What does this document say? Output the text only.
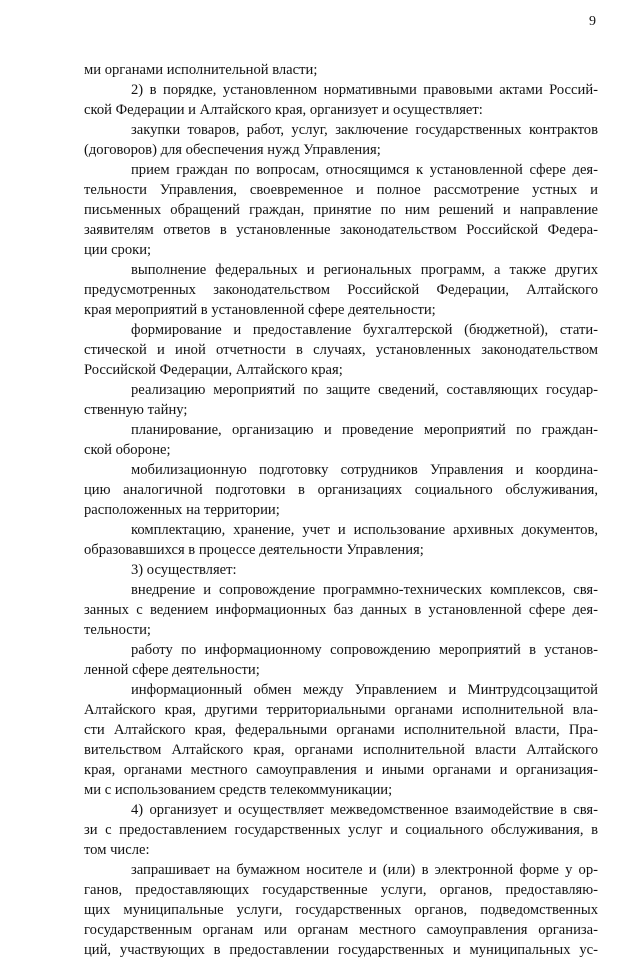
9
ми органами исполнительной власти;
2) в порядке, установленном нормативными правовыми актами Россий-
ской Федерации и Алтайского края, организует и осуществляет:
закупки товаров, работ, услуг, заключение государственных контрактов
(договоров) для обеспечения нужд Управления;
прием граждан по вопросам, относящимся к установленной сфере дея-
тельности Управления, своевременное и полное рассмотрение устных и
письменных обращений граждан, принятие по ним решений и направление
заявителям ответов в установленные законодательством Российской Федера-
ции сроки;
выполнение федеральных и региональных программ, а также других
предусмотренных законодательством Российской Федерации, Алтайского
края мероприятий в установленной сфере деятельности;
формирование и предоставление бухгалтерской (бюджетной), стати-
стической и иной отчетности в случаях, установленных законодательством
Российской Федерации, Алтайского края;
реализацию мероприятий по защите сведений, составляющих государ-
ственную тайну;
планирование, организацию и проведение мероприятий по граждан-
ской обороне;
мобилизационную подготовку сотрудников Управления и координа-
цию аналогичной подготовки в организациях социального обслуживания,
расположенных на территории;
комплектацию, хранение, учет и использование архивных документов,
образовавшихся в процессе деятельности Управления;
3) осуществляет:
внедрение и сопровождение программно-технических комплексов, свя-
занных с ведением информационных баз данных в установленной сфере дея-
тельности;
работу по информационному сопровождению мероприятий в установ-
ленной сфере деятельности;
информационный обмен между Управлением и Минтрудсоцзащитой
Алтайского края, другими территориальными органами исполнительной вла-
сти Алтайского края, федеральными органами исполнительной власти, Пра-
вительством Алтайского края, органами исполнительной власти Алтайского
края, органами местного самоуправления и иными органами и организация-
ми с использованием средств телекоммуникации;
4) организует и осуществляет межведомственное взаимодействие в свя-
зи с предоставлением государственных услуг и социального обслуживания, в
том числе:
запрашивает на бумажном носителе и (или) в электронной форме у ор-
ганов, предоставляющих государственные услуги, органов, предоставляю-
щих муниципальные услуги, государственных органов, подведомственных
государственным органам или органам местного самоуправления организа-
ций, участвующих в предоставлении государственных и муниципальных ус-
